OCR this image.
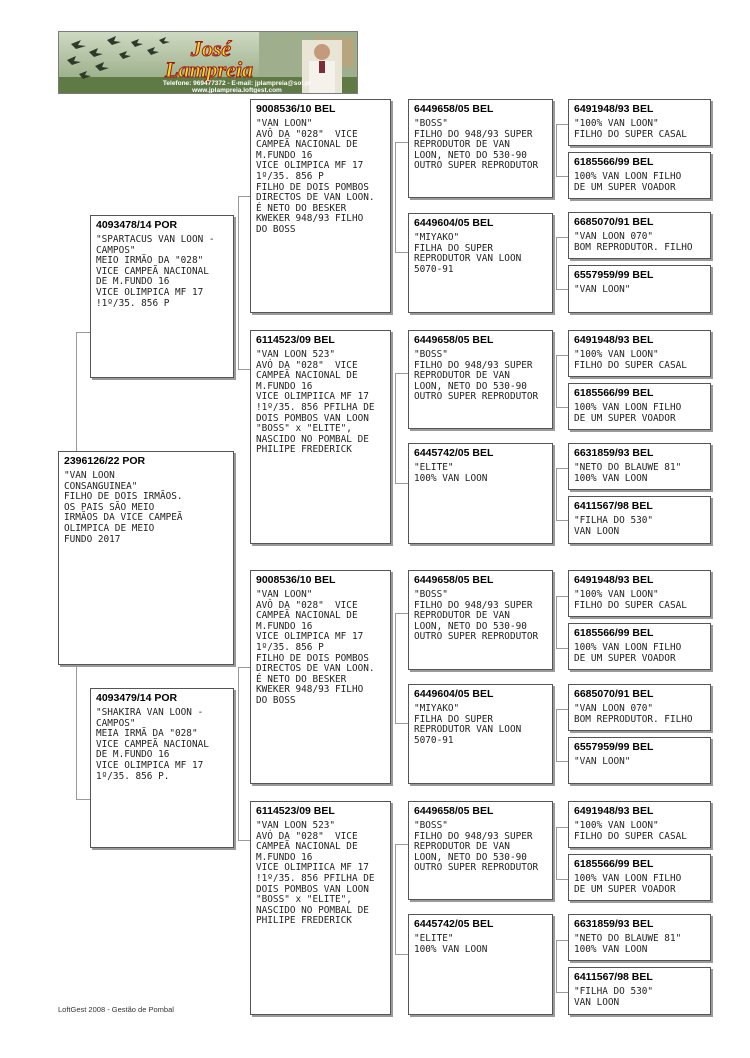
José
Lampreia
Telefone: 969477372 - E-mail: jplampreia@sol.pt
www.jplampreia.loftgest.com
2396126/22 POR
"VAN LOON
CONSANGUINEA"
FILHO DE DOIS IRMÃOS.
OS PAIS SÃO MEIO
IRMÃOS DA VICE CAMPEÃ
OLIMPICA DE MEIO
FUNDO 2017
4093478/14 POR
"SPARTACUS VAN LOON -
CAMPOS"
MEIO IRMÃO DA "028"
VICE CAMPEÃ NACIONAL
DE M.FUNDO 16
VICE OLIMPICA MF 17
!1º/35. 856 P
4093479/14 POR
"SHAKIRA VAN LOON -
CAMPOS"
MEIA IRMÃ DA "028"
VICE CAMPEÃ NACIONAL
DE M.FUNDO 16
VICE OLIMPICA MF 17
1º/35. 856 P.
9008536/10 BEL
"VAN LOON"
AVÔ DA "028"  VICE
CAMPEÃ NACIONAL DE
M.FUNDO 16
VICE OLIMPICA MF 17
1º/35. 856 P
FILHO DE DOIS POMBOS
DIRECTOS DE VAN LOON.
É NETO DO BESKER
KWEKER 948/93 FILHO
DO BOSS
6114523/09 BEL
"VAN LOON 523"
AVÓ DA "028"  VICE
CAMPEÃ NACIONAL DE
M.FUNDO 16
VICE OLIMPIICA MF 17
!1º/35. 856 PFILHA DE
DOIS POMBOS VAN LOON
"BOSS" x "ELITE",
NASCIDO NO POMBAL DE
PHILIPE FREDERICK
9008536/10 BEL
"VAN LOON"
AVÔ DA "028"  VICE
CAMPEÃ NACIONAL DE
M.FUNDO 16
VICE OLIMPICA MF 17
1º/35. 856 P
FILHO DE DOIS POMBOS
DIRECTOS DE VAN LOON.
É NETO DO BESKER
KWEKER 948/93 FILHO
DO BOSS
6114523/09 BEL
"VAN LOON 523"
AVÓ DA "028"  VICE
CAMPEÃ NACIONAL DE
M.FUNDO 16
VICE OLIMPIICA MF 17
!1º/35. 856 PFILHA DE
DOIS POMBOS VAN LOON
"BOSS" x "ELITE",
NASCIDO NO POMBAL DE
PHILIPE FREDERICK
6449658/05 BEL
"BOSS"
FILHO DO 948/93 SUPER
REPRODUTOR DE VAN
LOON, NETO DO 530-90
OUTRO SUPER REPRODUTOR
6449604/05 BEL
"MIYAKO"
FILHA DO SUPER
REPRODUTOR VAN LOON
5070-91
6449658/05 BEL
"BOSS"
FILHO DO 948/93 SUPER
REPRODUTOR DE VAN
LOON, NETO DO 530-90
OUTRO SUPER REPRODUTOR
6445742/05 BEL
"ELITE"
100% VAN LOON
6449658/05 BEL
"BOSS"
FILHO DO 948/93 SUPER
REPRODUTOR DE VAN
LOON, NETO DO 530-90
OUTRO SUPER REPRODUTOR
6449604/05 BEL
"MIYAKO"
FILHA DO SUPER
REPRODUTOR VAN LOON
5070-91
6449658/05 BEL
"BOSS"
FILHO DO 948/93 SUPER
REPRODUTOR DE VAN
LOON, NETO DO 530-90
OUTRO SUPER REPRODUTOR
6445742/05 BEL
"ELITE"
100% VAN LOON
6491948/93 BEL
"100% VAN LOON"
FILHO DO SUPER CASAL
6185566/99 BEL
100% VAN LOON FILHO
DE UM SUPER VOADOR
6685070/91 BEL
"VAN LOON 070"
BOM REPRODUTOR. FILHO
6557959/99 BEL
"VAN LOON"
6491948/93 BEL
"100% VAN LOON"
FILHO DO SUPER CASAL
6185566/99 BEL
100% VAN LOON FILHO
DE UM SUPER VOADOR
6631859/93 BEL
"NETO DO BLAUWE 81"
100% VAN LOON
6411567/98 BEL
"FILHA DO 530"
VAN LOON
6491948/93 BEL
"100% VAN LOON"
FILHO DO SUPER CASAL
6185566/99 BEL
100% VAN LOON FILHO
DE UM SUPER VOADOR
6685070/91 BEL
"VAN LOON 070"
BOM REPRODUTOR. FILHO
6557959/99 BEL
"VAN LOON"
6491948/93 BEL
"100% VAN LOON"
FILHO DO SUPER CASAL
6185566/99 BEL
100% VAN LOON FILHO
DE UM SUPER VOADOR
6631859/93 BEL
"NETO DO BLAUWE 81"
100% VAN LOON
6411567/98 BEL
"FILHA DO 530"
VAN LOON
LoftGest 2008 - Gestão de Pombal
